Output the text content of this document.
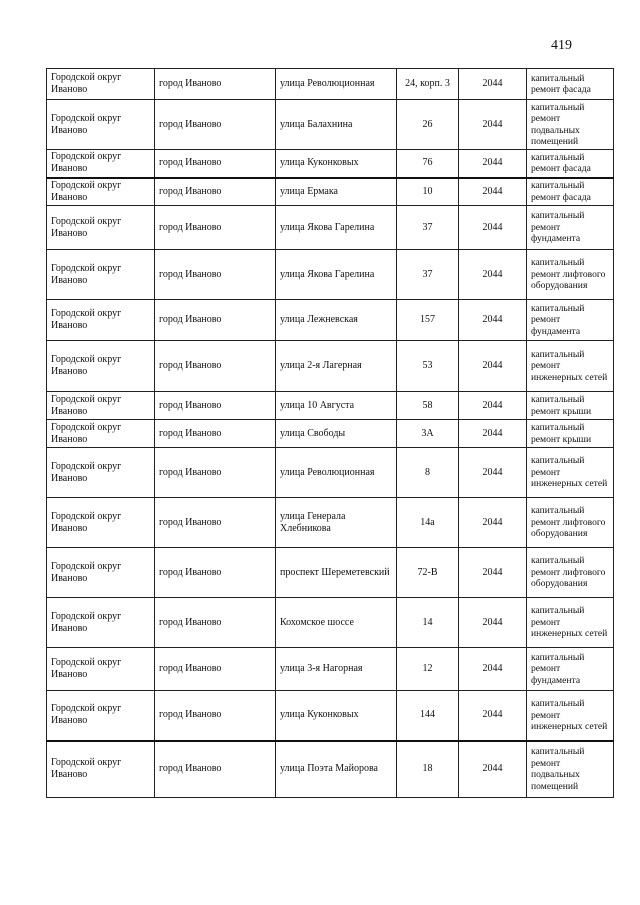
419
Городской округ Иваново	город Иваново	улица Революционная	24, корп. 3	2044	капитальный ремонт фасада
Городской округ Иваново	город Иваново	улица Балахнина	26	2044	капитальный ремонт подвальных помещений
Городской округ Иваново	город Иваново	улица Куконковых	76	2044	капитальный ремонт фасада
Городской округ Иваново	город Иваново	улица Ермака	10	2044	капитальный ремонт фасада
Городской округ Иваново	город Иваново	улица Якова Гарелина	37	2044	капитальный ремонт фундамента
Городской округ Иваново	город Иваново	улица Якова Гарелина	37	2044	капитальный ремонт лифтового оборудования
Городской округ Иваново	город Иваново	улица Лежневская	157	2044	капитальный ремонт фундамента
Городской округ Иваново	город Иваново	улица 2-я Лагерная	53	2044	капитальный ремонт инженерных сетей
Городской округ Иваново	город Иваново	улица 10 Августа	58	2044	капитальный ремонт крыши
Городской округ Иваново	город Иваново	улица Свободы	3А	2044	капитальный ремонт крыши
Городской округ Иваново	город Иваново	улица Революционная	8	2044	капитальный ремонт инженерных сетей
Городской округ Иваново	город Иваново	улица Генерала Хлебникова	14а	2044	капитальный ремонт лифтового оборудования
Городской округ Иваново	город Иваново	проспект Шереметевский	72-В	2044	капитальный ремонт лифтового оборудования
Городской округ Иваново	город Иваново	Кохомское шоссе	14	2044	капитальный ремонт инженерных сетей
Городской округ Иваново	город Иваново	улица 3-я Нагорная	12	2044	капитальный ремонт фундамента
Городской округ Иваново	город Иваново	улица Куконковых	144	2044	капитальный ремонт инженерных сетей
Городской округ Иваново	город Иваново	улица Поэта Майорова	18	2044	капитальный ремонт подвальных помещений
